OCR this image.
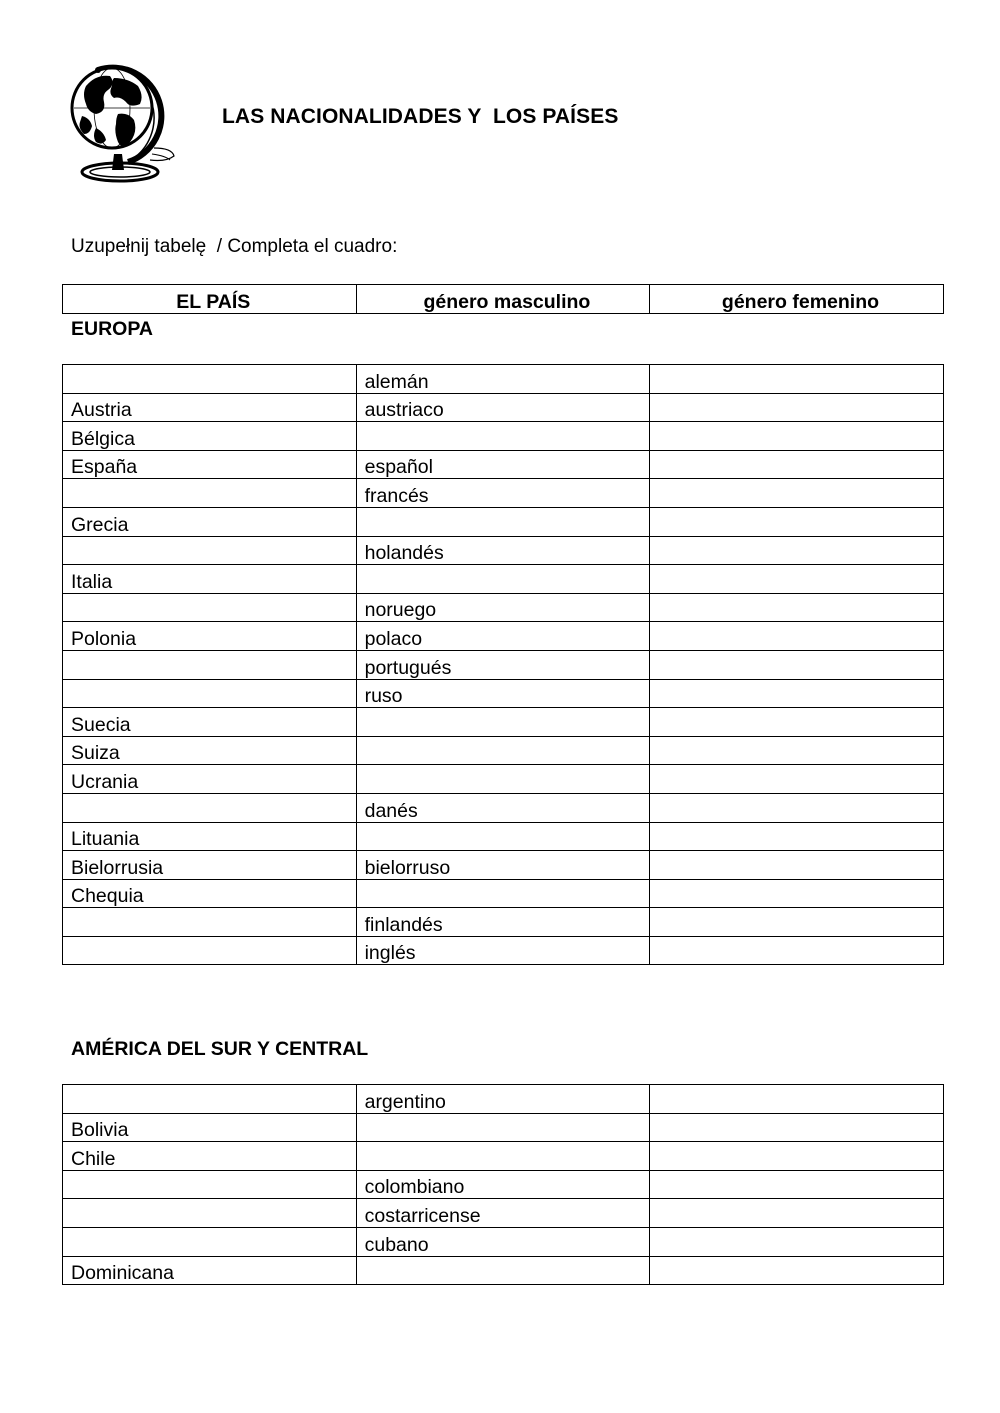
LAS NACIONALIDADES Y  LOS PAÍSES
Uzupełnij tabelę  / Completa el cuadro:
EL PAÍS	género masculino	género femenino
EUROPA
	alemán	
Austria	austriaco	
Bélgica		
España	español	
	francés	
Grecia		
	holandés	
Italia		
	noruego	
Polonia	polaco	
	portugués	
	ruso	
Suecia		
Suiza		
Ucrania		
	danés	
Lituania		
Bielorrusia	bielorruso	
Chequia		
	finlandés	
	inglés	
AMÉRICA DEL SUR Y CENTRAL
	argentino	
Bolivia		
Chile		
	colombiano	
	costarricense	
	cubano	
Dominicana		
